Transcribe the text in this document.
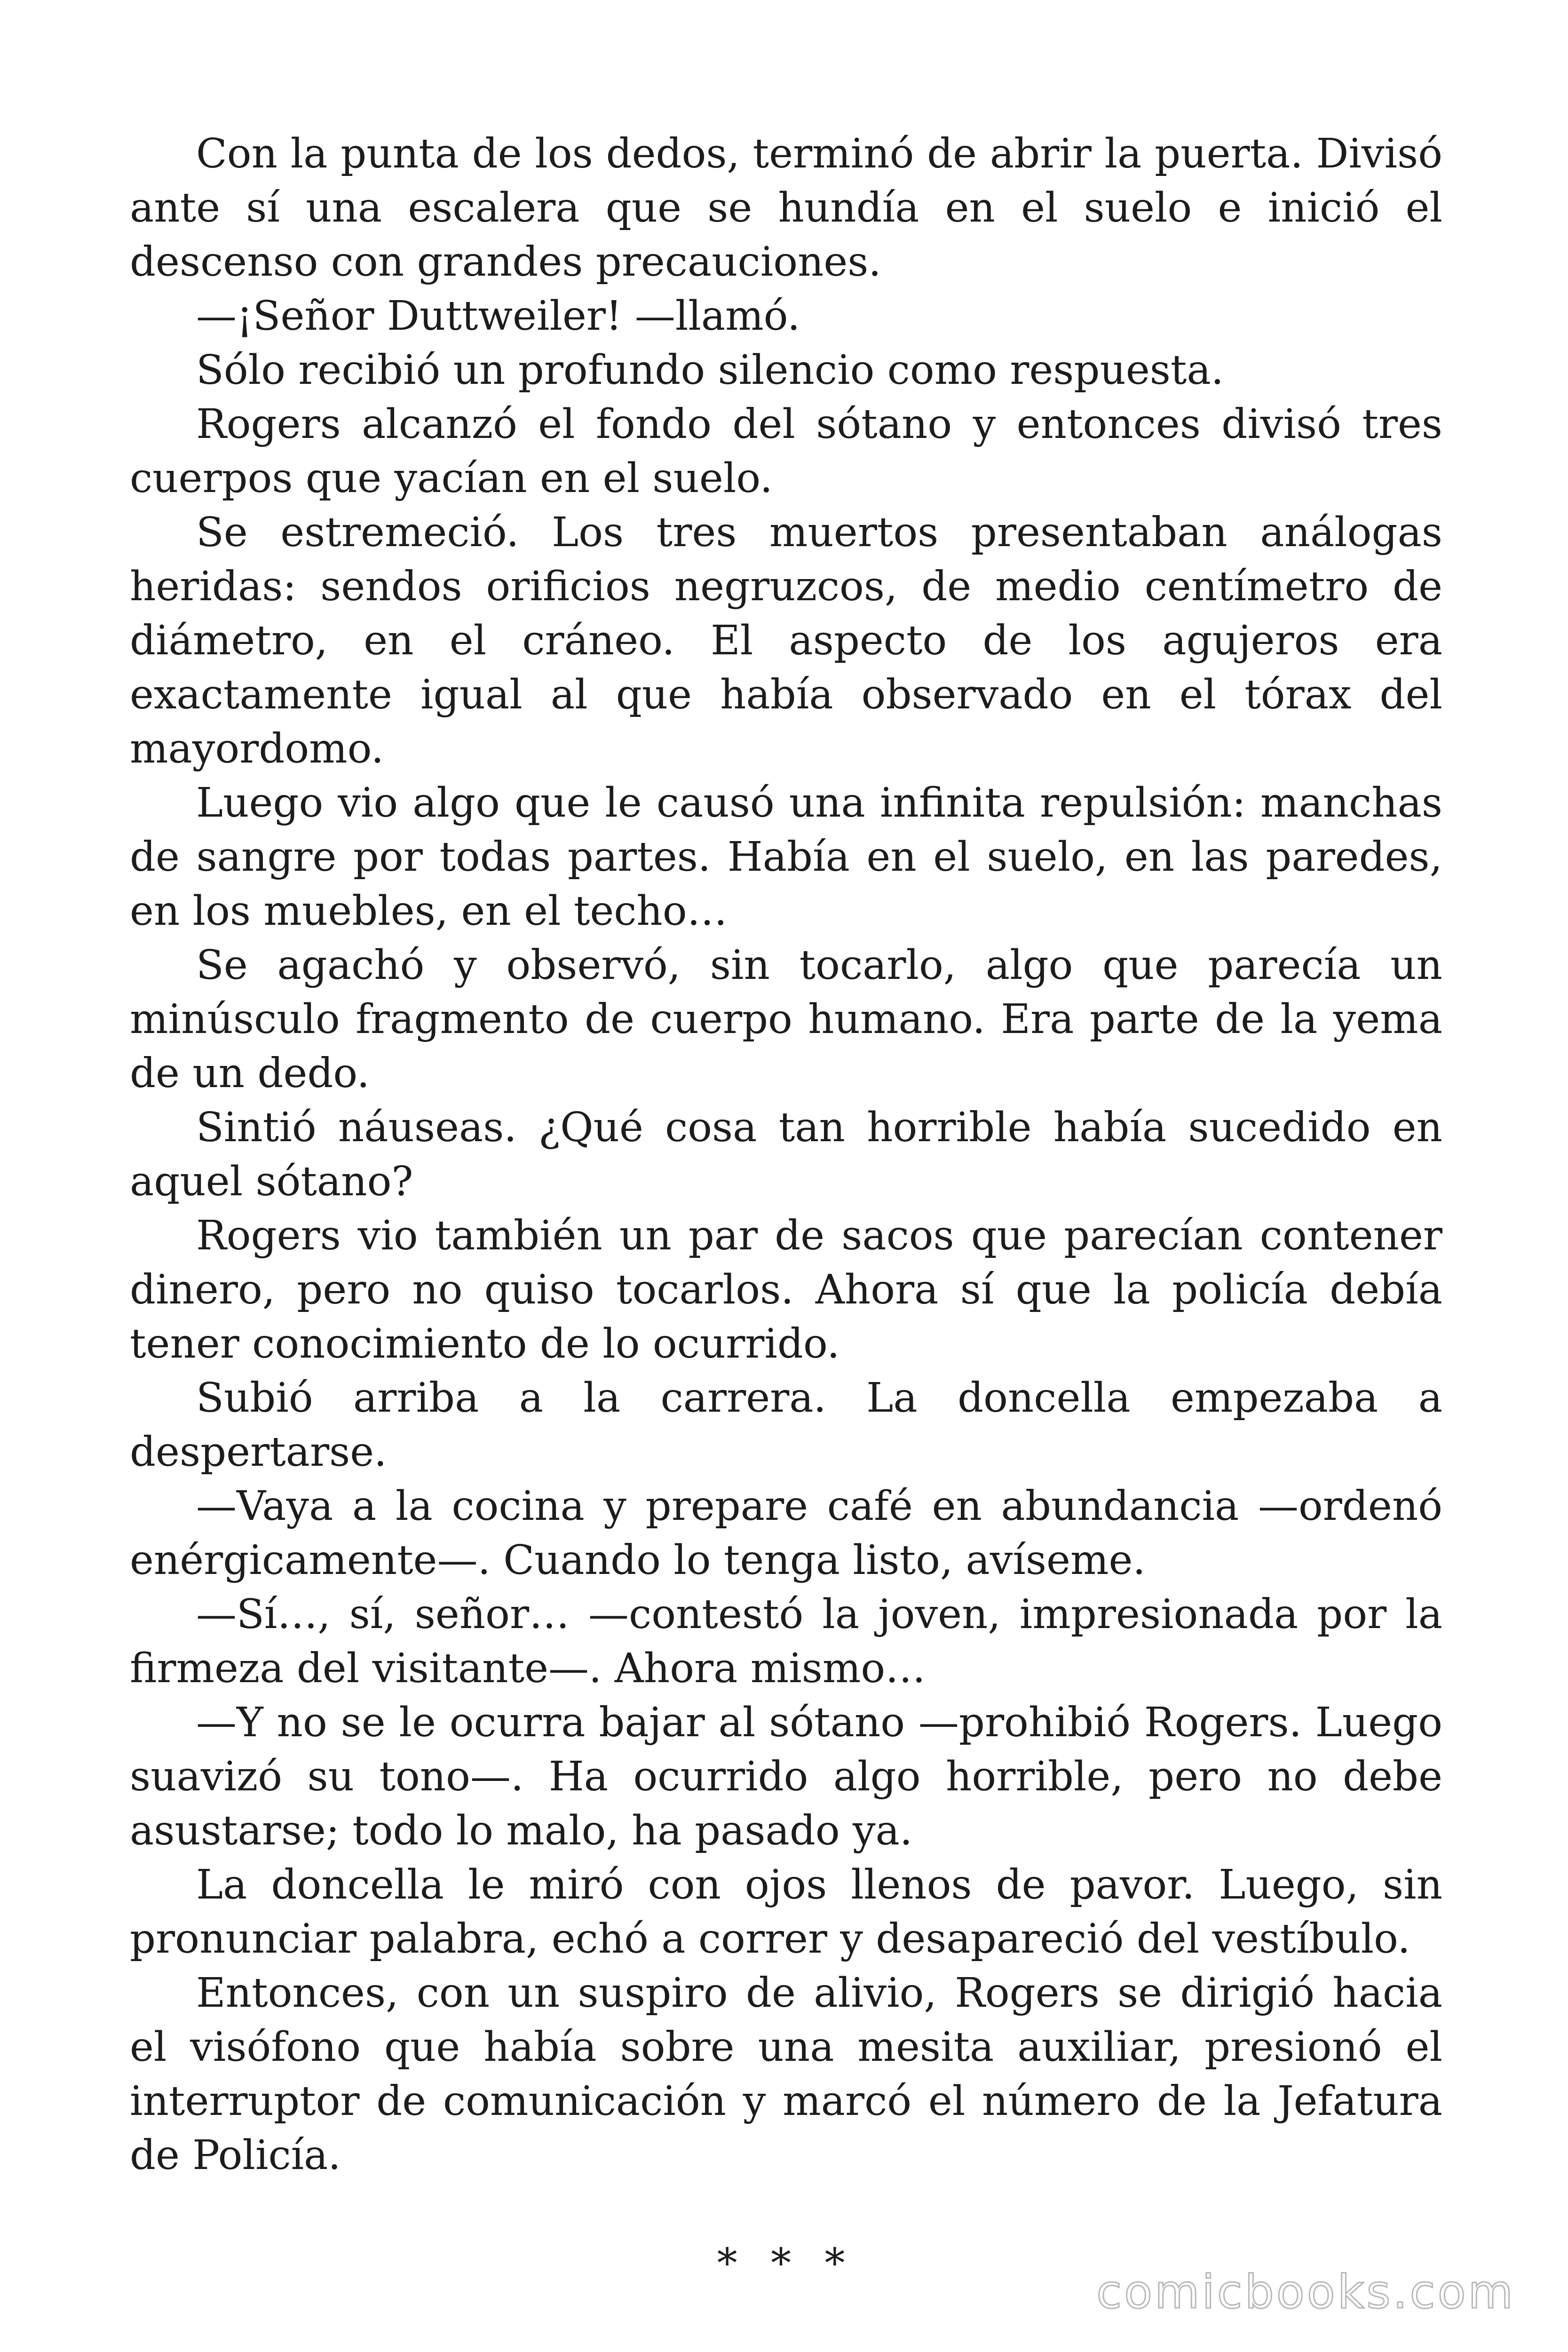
Con la punta de los dedos, terminó de abrir la puerta. Divisó ante sí una escalera que se hundía en el suelo e inició el descenso con grandes precauciones.

—¡Señor Duttweiler! —llamó.

Sólo recibió un profundo silencio como respuesta.

Rogers alcanzó el fondo del sótano y entonces divisó tres cuerpos que yacían en el suelo.

Se estremeció. Los tres muertos presentaban análogas heridas: sendos orificios negruzcos, de medio centímetro de diámetro, en el cráneo. El aspecto de los agujeros era exactamente igual al que había observado en el tórax del mayordomo.

Luego vio algo que le causó una infinita repulsión: manchas de sangre por todas partes. Había en el suelo, en las paredes, en los muebles, en el techo…

Se agachó y observó, sin tocarlo, algo que parecía un minúsculo fragmento de cuerpo humano. Era parte de la yema de un dedo.

Sintió náuseas. ¿Qué cosa tan horrible había sucedido en aquel sótano?

Rogers vio también un par de sacos que parecían contener dinero, pero no quiso tocarlos. Ahora sí que la policía debía tener conocimiento de lo ocurrido.

Subió arriba a la carrera. La doncella empezaba a despertarse.

—Vaya a la cocina y prepare café en abundancia —ordenó enérgicamente—. Cuando lo tenga listo, avíseme.

—Sí…, sí, señor… —contestó la joven, impresionada por la firmeza del visitante—. Ahora mismo…

—Y no se le ocurra bajar al sótano —prohibió Rogers. Luego suavizó su tono—. Ha ocurrido algo horrible, pero no debe asustarse; todo lo malo, ha pasado ya.

La doncella le miró con ojos llenos de pavor. Luego, sin pronunciar palabra, echó a correr y desapareció del vestíbulo.

Entonces, con un suspiro de alivio, Rogers se dirigió hacia el visófono que había sobre una mesita auxiliar, presionó el interruptor de comunicación y marcó el número de la Jefatura de Policía.

* * *
comicbooks.com
